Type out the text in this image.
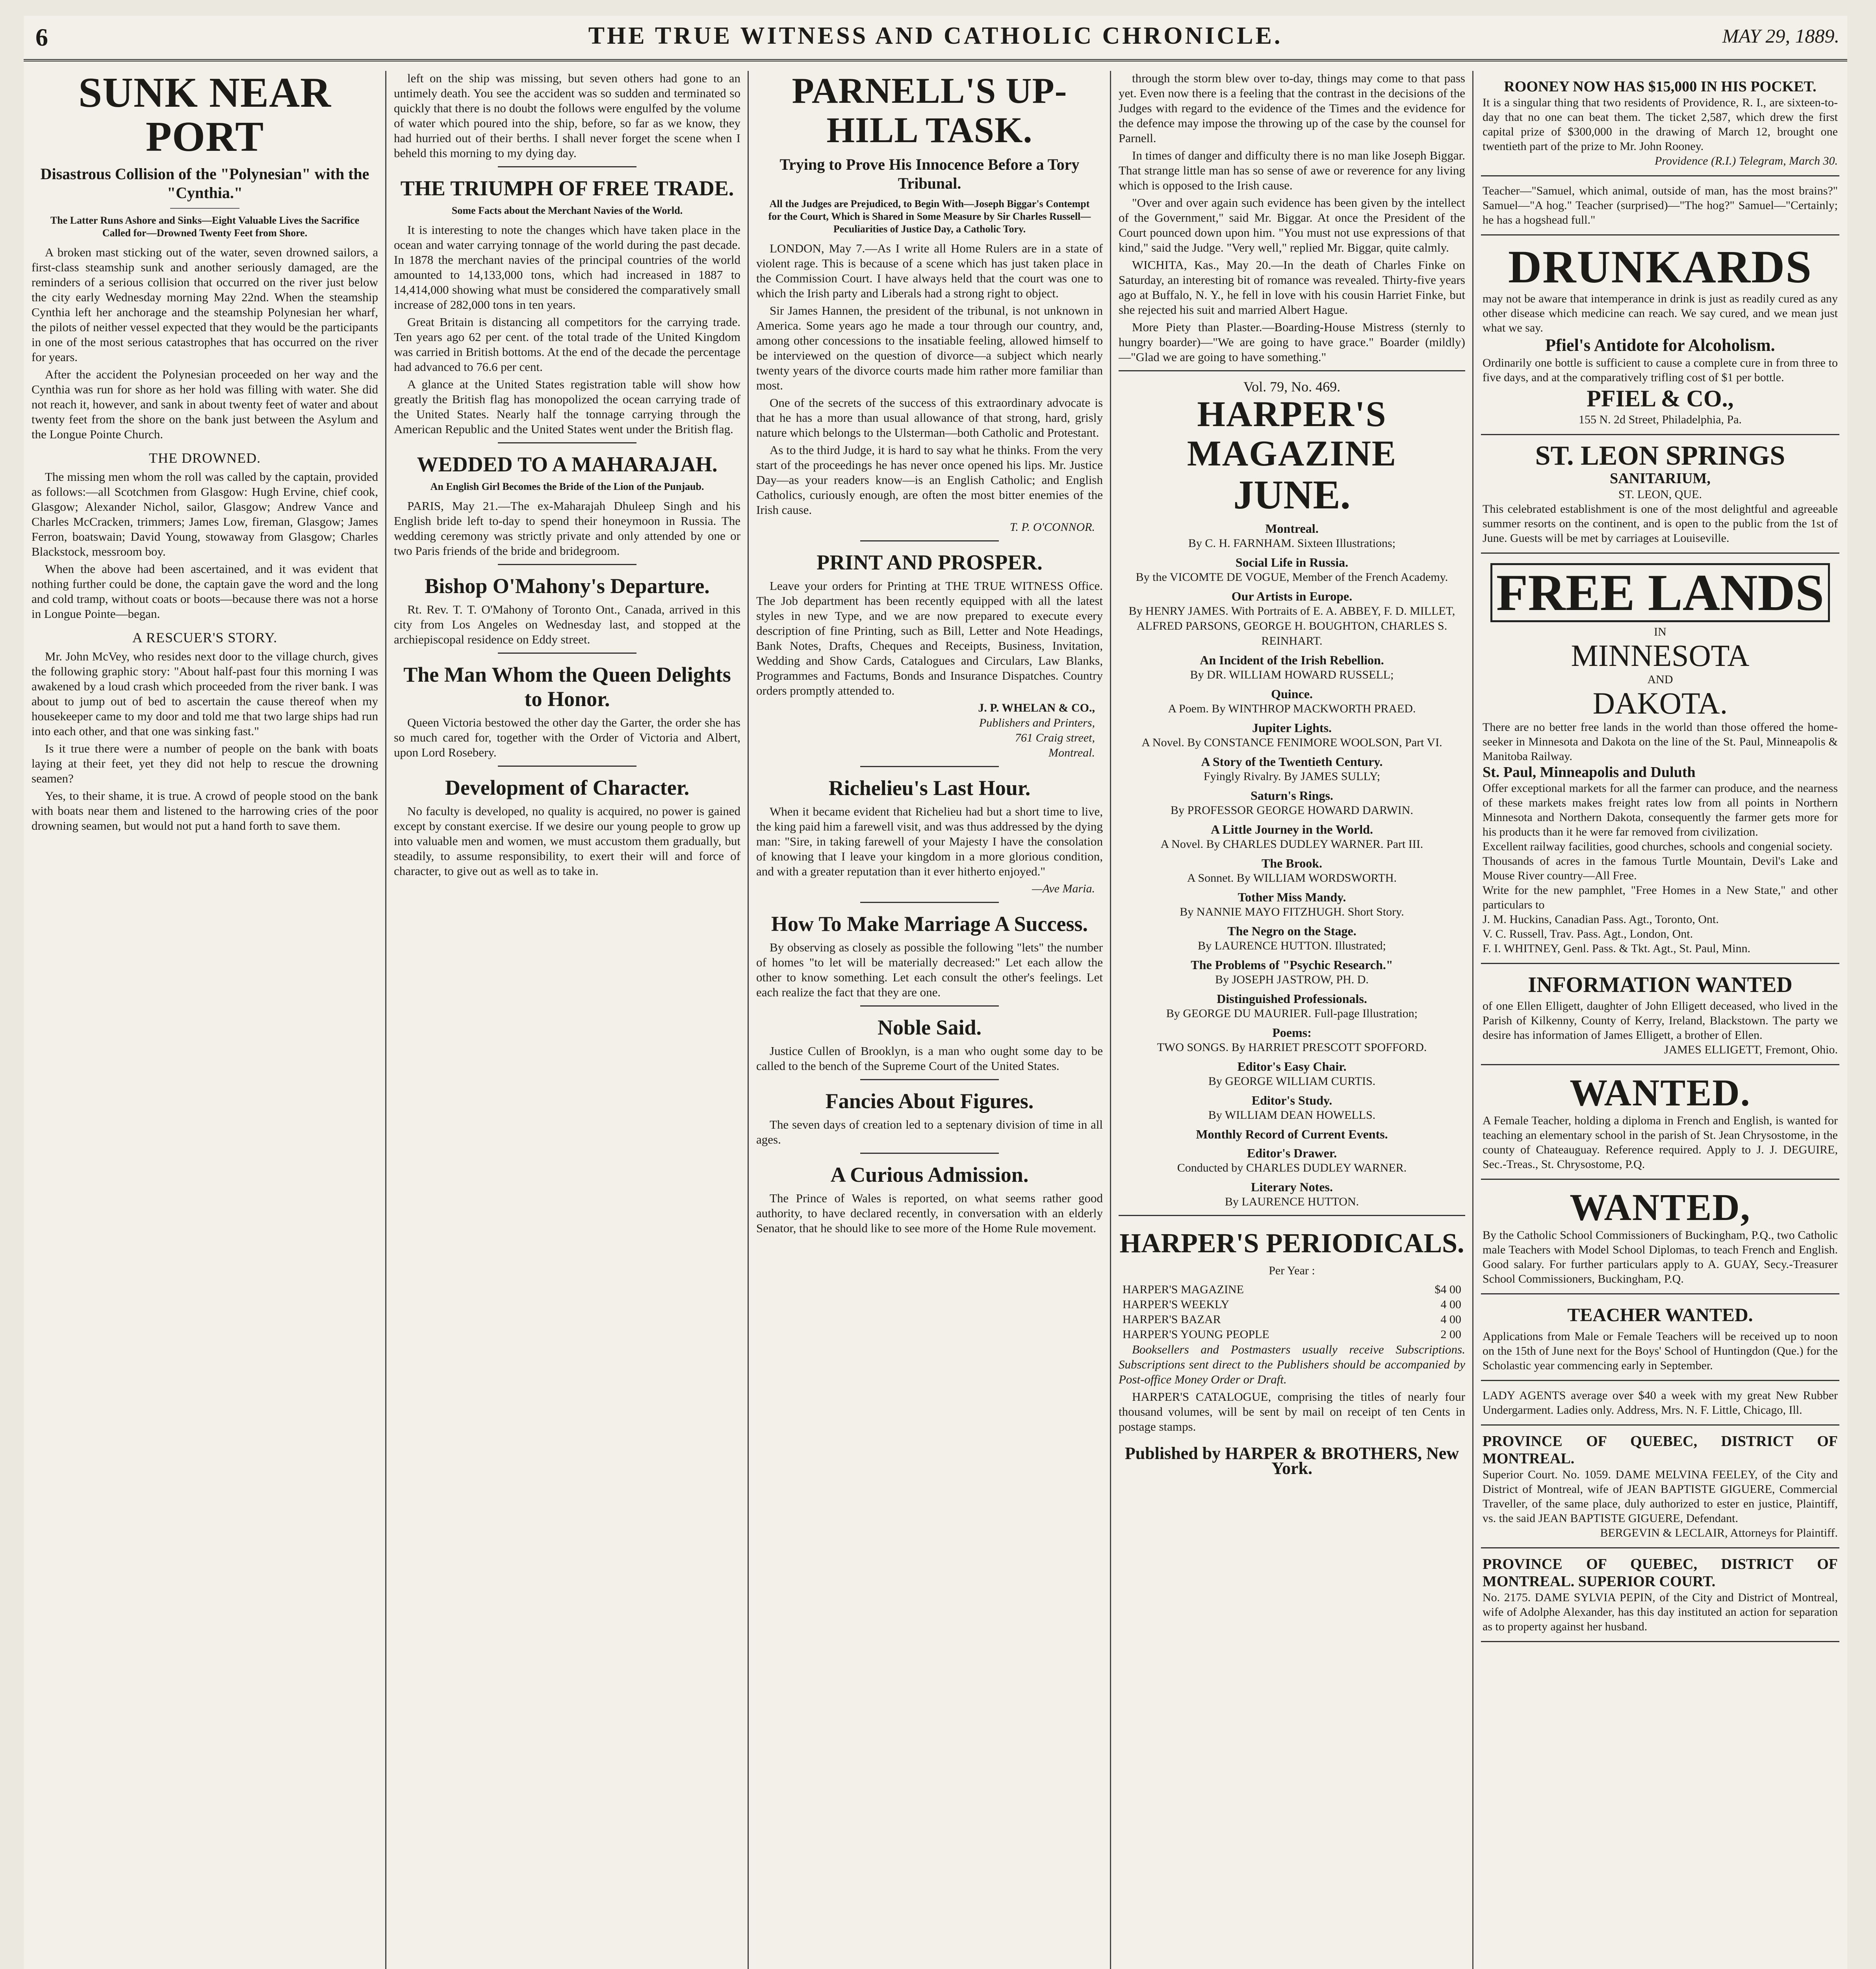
6	THE TRUE WITNESS AND CATHOLIC CHRONICLE.	MAY 29, 1889.
SUNK NEAR PORT
Disastrous Collision of the "Polynesian" with the "Cynthia."
The Latter Runs Ashore and Sinks—Eight Valuable Lives the Sacrifice Called for—Drowned Twenty Feet from Shore.

A broken mast sticking out of the water, seven drowned sailors, a first-class steamship sunk and another seriously damaged, are the reminders of a serious collision that occurred on the river just below the city early Wednesday morning May 22nd. When the steamship Cynthia left her anchorage and the steamship Polynesian her wharf, the pilots of neither vessel expected that they would be the participants in one of the most serious catastrophes that has occurred on the river for years.

After the accident the Polynesian proceeded on her way and the Cynthia was run for shore as her hold was filling with water. She did not reach it, however, and sank in about twenty feet of water and about twenty feet from the shore on the bank just between the Asylum and the Longue Pointe Church.

THE DROWNED.

The missing men whom the roll was called by the captain, provided as follows:—all Scotchmen from Glasgow: Hugh Ervine, chief cook, Glasgow; Alexander Nichol, sailor, Glasgow; Andrew Vance and Charles McCracken, trimmers; James Low, fireman, Glasgow; James Ferron, boatswain; David Young, stowaway from Glasgow; Charles Blackstock, messroom boy.

When the above had been ascertained, and it was evident that nothing further could be done, the captain gave the word and the long and cold tramp, without coats or boots—because there was not a horse in Longue Pointe—began.

A RESCUER'S STORY.

Mr. John McVey, who resides next door to the village church, gives the following graphic story: "About half-past four this morning I was awakened by a loud crash which proceeded from the river bank. I was about to jump out of bed to ascertain the cause thereof when my housekeeper came to my door and told me that two large ships had run into each other, and that one was sinking fast."

Is it true there were a number of people on the bank with boats laying at their feet, yet they did not help to rescue the drowning seamen?

Yes, to their shame, it is true. A crowd of people stood on the bank with boats near them and listened to the harrowing cries of the poor drowning seamen, but would not put a hand forth to save them.

left on the ship was missing, but seven others had gone to an untimely death. You see the accident was so sudden and terminated so quickly that there is no doubt the follows were engulfed by the volume of water which poured into the ship, before, so far as we know, they had hurried out of their berths. I shall never forget the scene when I beheld this morning to my dying day.

THE TRIUMPH OF FREE TRADE.
Some Facts about the Merchant Navies of the World.

It is interesting to note the changes which have taken place in the ocean and water carrying tonnage of the world during the past decade. In 1878 the merchant navies of the principal countries of the world amounted to 14,133,000 tons, which had increased in 1887 to 14,414,000 showing what must be considered the comparatively small increase of 282,000 tons in ten years.

Great Britain is distancing all competitors for the carrying trade. Ten years ago 62 per cent. of the total trade of the United Kingdom was carried in British bottoms. At the end of the decade the percentage had advanced to 76.6 per cent.

A glance at the United States registration table will show how greatly the British flag has monopolized the ocean carrying trade of the United States. Nearly half the tonnage carrying through the American Republic and the United States went under the British flag.

WEDDED TO A MAHARAJAH.
An English Girl Becomes the Bride of the Lion of the Punjaub.

PARIS, May 21.—The ex-Maharajah Dhuleep Singh and his English bride left to-day to spend their honeymoon in Russia. The wedding ceremony was strictly private and only attended by one or two Paris friends of the bride and bridegroom.

Bishop O'Mahony's Departure.

Rt. Rev. T. T. O'Mahony of Toronto Ont., Canada, arrived in this city from Los Angeles on Wednesday last, and stopped at the archiepiscopal residence on Eddy street.

The Man Whom the Queen Delights to Honor.

Queen Victoria bestowed the other day the Garter, the order she has so much cared for, together with the Order of Victoria and Albert, upon Lord Rosebery.

Development of Character.

No faculty is developed, no quality is acquired, no power is gained except by constant exercise. If we desire our young people to grow up into valuable men and women, we must accustom them gradually, but steadily, to assume responsibility, to exert their will and force of character, to give out as well as to take in.

PARNELL'S UP-HILL TASK.
Trying to Prove His Innocence Before a Tory Tribunal.
All the Judges are Prejudiced, to Begin With—Joseph Biggar's Contempt for the Court, Which is Shared in Some Measure by Sir Charles Russell—Peculiarities of Justice Day, a Catholic Tory.

LONDON, May 7.—As I write all Home Rulers are in a state of violent rage. This is because of a scene which has just taken place in the Commission Court. I have always held that the court was one to which the Irish party and Liberals had a strong right to object.

Sir James Hannen, the president of the tribunal, is not unknown in America. Some years ago he made a tour through our country, and, among other concessions to the insatiable feeling, allowed himself to be interviewed on the question of divorce—a subject which nearly twenty years of the divorce courts made him rather more familiar than most.

One of the secrets of the success of this extraordinary advocate is that he has a more than usual allowance of that strong, hard, grisly nature which belongs to the Ulsterman—both Catholic and Protestant.

As to the third Judge, it is hard to say what he thinks. From the very start of the proceedings he has never once opened his lips. Mr. Justice Day—as your readers know—is an English Catholic; and English Catholics, curiously enough, are often the most bitter enemies of the Irish cause.

T. P. O'CONNOR.
PRINT AND PROSPER.

Leave your orders for Printing at THE TRUE WITNESS Office. The Job department has been recently equipped with all the latest styles in new Type, and we are now prepared to execute every description of fine Printing, such as Bill, Letter and Note Headings, Bank Notes, Drafts, Cheques and Receipts, Business, Invitation, Wedding and Show Cards, Catalogues and Circulars, Law Blanks, Programmes and Factums, Bonds and Insurance Dispatches. Country orders promptly attended to.

J. P. WHELAN & CO.,
Publishers and Printers,
761 Craig street,
Montreal.
Richelieu's Last Hour.

When it became evident that Richelieu had but a short time to live, the king paid him a farewell visit, and was thus addressed by the dying man: "Sire, in taking farewell of your Majesty I have the consolation of knowing that I leave your kingdom in a more glorious condition, and with a greater reputation than it ever hitherto enjoyed."

—Ave Maria.
How To Make Marriage A Success.

By observing as closely as possible the following "lets" the number of homes "to let will be materially decreased:" Let each allow the other to know something. Let each consult the other's feelings. Let each realize the fact that they are one.

Noble Said.

Justice Cullen of Brooklyn, is a man who ought some day to be called to the bench of the Supreme Court of the United States.

Fancies About Figures.

The seven days of creation led to a septenary division of time in all ages.

A Curious Admission.

The Prince of Wales is reported, on what seems rather good authority, to have declared recently, in conversation with an elderly Senator, that he should like to see more of the Home Rule movement.

through the storm blew over to-day, things may come to that pass yet. Even now there is a feeling that the contrast in the decisions of the Judges with regard to the evidence of the Times and the evidence for the defence may impose the throwing up of the case by the counsel for Parnell.

In times of danger and difficulty there is no man like Joseph Biggar. That strange little man has so sense of awe or reverence for any living which is opposed to the Irish cause.

"Over and over again such evidence has been given by the intellect of the Government," said Mr. Biggar. At once the President of the Court pounced down upon him. "You must not use expressions of that kind," said the Judge. "Very well," replied Mr. Biggar, quite calmly.

WICHITA, Kas., May 20.—In the death of Charles Finke on Saturday, an interesting bit of romance was revealed. Thirty-five years ago at Buffalo, N. Y., he fell in love with his cousin Harriet Finke, but she rejected his suit and married Albert Hague.

More Piety than Plaster.—Boarding-House Mistress (sternly to hungry boarder)—"We are going to have grace." Boarder (mildly)—"Glad we are going to have something."

Vol. 79, No. 469.
HARPER'S MAGAZINE
JUNE.
Montreal.
By C. H. FARNHAM. Sixteen Illustrations;
Social Life in Russia.
By the VICOMTE DE VOGUE, Member of the French Academy.
Our Artists in Europe.
By HENRY JAMES. With Portraits of E. A. ABBEY, F. D. MILLET, ALFRED PARSONS, GEORGE H. BOUGHTON, CHARLES S. REINHART.
An Incident of the Irish Rebellion.
By DR. WILLIAM HOWARD RUSSELL;
Quince.
A Poem. By WINTHROP MACKWORTH PRAED.
Jupiter Lights.
A Novel. By CONSTANCE FENIMORE WOOLSON, Part VI.
A Story of the Twentieth Century.
Fyingly Rivalry. By JAMES SULLY;
Saturn's Rings.
By PROFESSOR GEORGE HOWARD DARWIN.
A Little Journey in the World.
A Novel. By CHARLES DUDLEY WARNER. Part III.
The Brook.
A Sonnet. By WILLIAM WORDSWORTH.
Tother Miss Mandy.
By NANNIE MAYO FITZHUGH. Short Story.
The Negro on the Stage.
By LAURENCE HUTTON. Illustrated;
The Problems of "Psychic Research."
By JOSEPH JASTROW, PH. D.
Distinguished Professionals.
By GEORGE DU MAURIER. Full-page Illustration;
Poems:
TWO SONGS. By HARRIET PRESCOTT SPOFFORD.
Editor's Easy Chair.
By GEORGE WILLIAM CURTIS.
Editor's Study.
By WILLIAM DEAN HOWELLS.
Monthly Record of Current Events.
Editor's Drawer.
Conducted by CHARLES DUDLEY WARNER.
Literary Notes.
By LAURENCE HUTTON.
HARPER'S PERIODICALS.
Per Year :
HARPER'S MAGAZINE	$4 00
HARPER'S WEEKLY	4 00
HARPER'S BAZAR	4 00
HARPER'S YOUNG PEOPLE	2 00

Booksellers and Postmasters usually receive Subscriptions. Subscriptions sent direct to the Publishers should be accompanied by Post-office Money Order or Draft.

HARPER'S CATALOGUE, comprising the titles of nearly four thousand volumes, will be sent by mail on receipt of ten Cents in postage stamps.

Published by HARPER & BROTHERS, New York.
ROONEY NOW HAS $15,000 IN HIS POCKET.
It is a singular thing that two residents of Providence, R. I., are sixteen-to-day that no one can beat them. The ticket 2,587, which drew the first capital prize of $300,000 in the drawing of March 12, brought one twentieth part of the prize to Mr. John Rooney.
Providence (R.I.) Telegram, March 30.
Teacher—"Samuel, which animal, outside of man, has the most brains?" Samuel—"A hog." Teacher (surprised)—"The hog?" Samuel—"Certainly; he has a hogshead full."
DRUNKARDS
may not be aware that intemperance in drink is just as readily cured as any other disease which medicine can reach. We say cured, and we mean just what we say.
Pfiel's Antidote for Alcoholism.
Ordinarily one bottle is sufficient to cause a complete cure in from three to five days, and at the comparatively trifling cost of $1 per bottle.
PFIEL & CO.,
155 N. 2d Street, Philadelphia, Pa.
ST. LEON SPRINGS
SANITARIUM,
ST. LEON, QUE.
This celebrated establishment is one of the most delightful and agreeable summer resorts on the continent, and is open to the public from the 1st of June. Guests will be met by carriages at Louiseville.
FREE LANDS
IN
MINNESOTA
AND
DAKOTA.
There are no better free lands in the world than those offered the home-seeker in Minnesota and Dakota on the line of the St. Paul, Minneapolis & Manitoba Railway.
St. Paul, Minneapolis and Duluth
Offer exceptional markets for all the farmer can produce, and the nearness of these markets makes freight rates low from all points in Northern Minnesota and Northern Dakota, consequently the farmer gets more for his products than it he were far removed from civilization.
Excellent railway facilities, good churches, schools and congenial society.
Thousands of acres in the famous Turtle Mountain, Devil's Lake and Mouse River country—All Free.
Write for the new pamphlet, "Free Homes in a New State," and other particulars to
J. M. Huckins, Canadian Pass. Agt., Toronto, Ont.
V. C. Russell, Trav. Pass. Agt., London, Ont.
F. I. WHITNEY, Genl. Pass. & Tkt. Agt., St. Paul, Minn.
INFORMATION WANTED
of one Ellen Elligett, daughter of John Elligett deceased, who lived in the Parish of Kilkenny, County of Kerry, Ireland, Blackstown. The party we desire has information of James Elligett, a brother of Ellen.
JAMES ELLIGETT, Fremont, Ohio.
WANTED.
A Female Teacher, holding a diploma in French and English, is wanted for teaching an elementary school in the parish of St. Jean Chrysostome, in the county of Chateauguay. Reference required. Apply to J. J. DEGUIRE, Sec.-Treas., St. Chrysostome, P.Q.
WANTED,
By the Catholic School Commissioners of Buckingham, P.Q., two Catholic male Teachers with Model School Diplomas, to teach French and English. Good salary. For further particulars apply to A. GUAY, Secy.-Treasurer School Commissioners, Buckingham, P.Q.
TEACHER WANTED.
Applications from Male or Female Teachers will be received up to noon on the 15th of June next for the Boys' School of Huntingdon (Que.) for the Scholastic year commencing early in September.
LADY AGENTS average over $40 a week with my great New Rubber Undergarment. Ladies only. Address, Mrs. N. F. Little, Chicago, Ill.
PROVINCE OF QUEBEC, DISTRICT OF MONTREAL.
Superior Court. No. 1059. DAME MELVINA FEELEY, of the City and District of Montreal, wife of JEAN BAPTISTE GIGUERE, Commercial Traveller, of the same place, duly authorized to ester en justice, Plaintiff, vs. the said JEAN BAPTISTE GIGUERE, Defendant.
BERGEVIN & LECLAIR, Attorneys for Plaintiff.
PROVINCE OF QUEBEC, DISTRICT OF MONTREAL. SUPERIOR COURT.
No. 2175. DAME SYLVIA PEPIN, of the City and District of Montreal, wife of Adolphe Alexander, has this day instituted an action for separation as to property against her husband.
